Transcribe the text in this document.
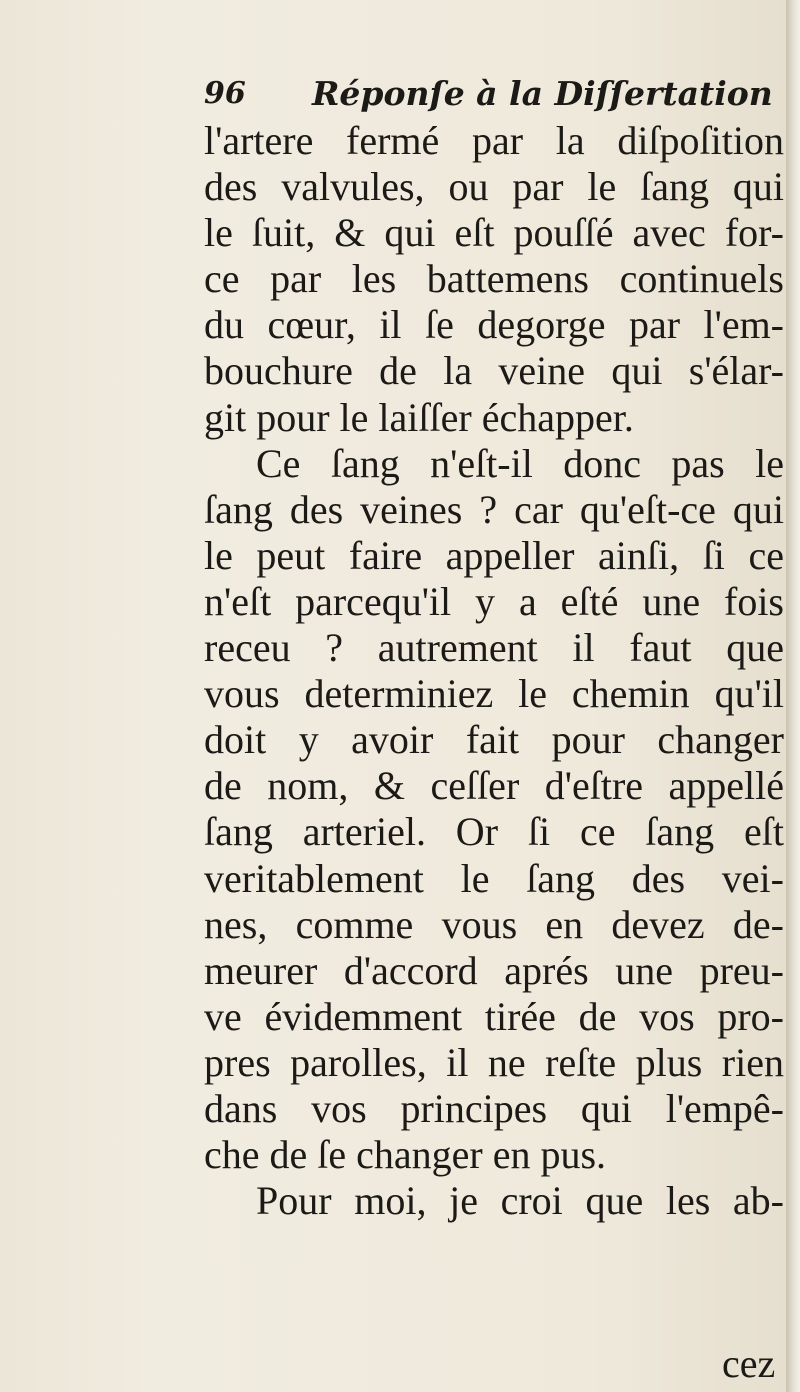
96 Réponſe à la Diſſertation
l'artere fermé par la diſpoſition
des valvules, ou par le ſang qui
le ſuit, & qui eſt pouſſé avec for-
ce par les battemens continuels
du cœur, il ſe degorge par l'em-
bouchure de la veine qui s'élar-
git pour le laiſſer échapper.
Ce ſang n'eſt-il donc pas le
ſang des veines ? car qu'eſt-ce qui
le peut faire appeller ainſi, ſi ce
n'eſt parcequ'il y a eſté une fois
receu ? autrement il faut que
vous determiniez le chemin qu'il
doit y avoir fait pour changer
de nom, & ceſſer d'eſtre appellé
ſang arteriel. Or ſi ce ſang eſt
veritablement le ſang des vei-
nes, comme vous en devez de-
meurer d'accord aprés une preu-
ve évidemment tirée de vos pro-
pres parolles, il ne reſte plus rien
dans vos principes qui l'empê-
che de ſe changer en pus.
Pour moi, je croi que les ab-
cez
